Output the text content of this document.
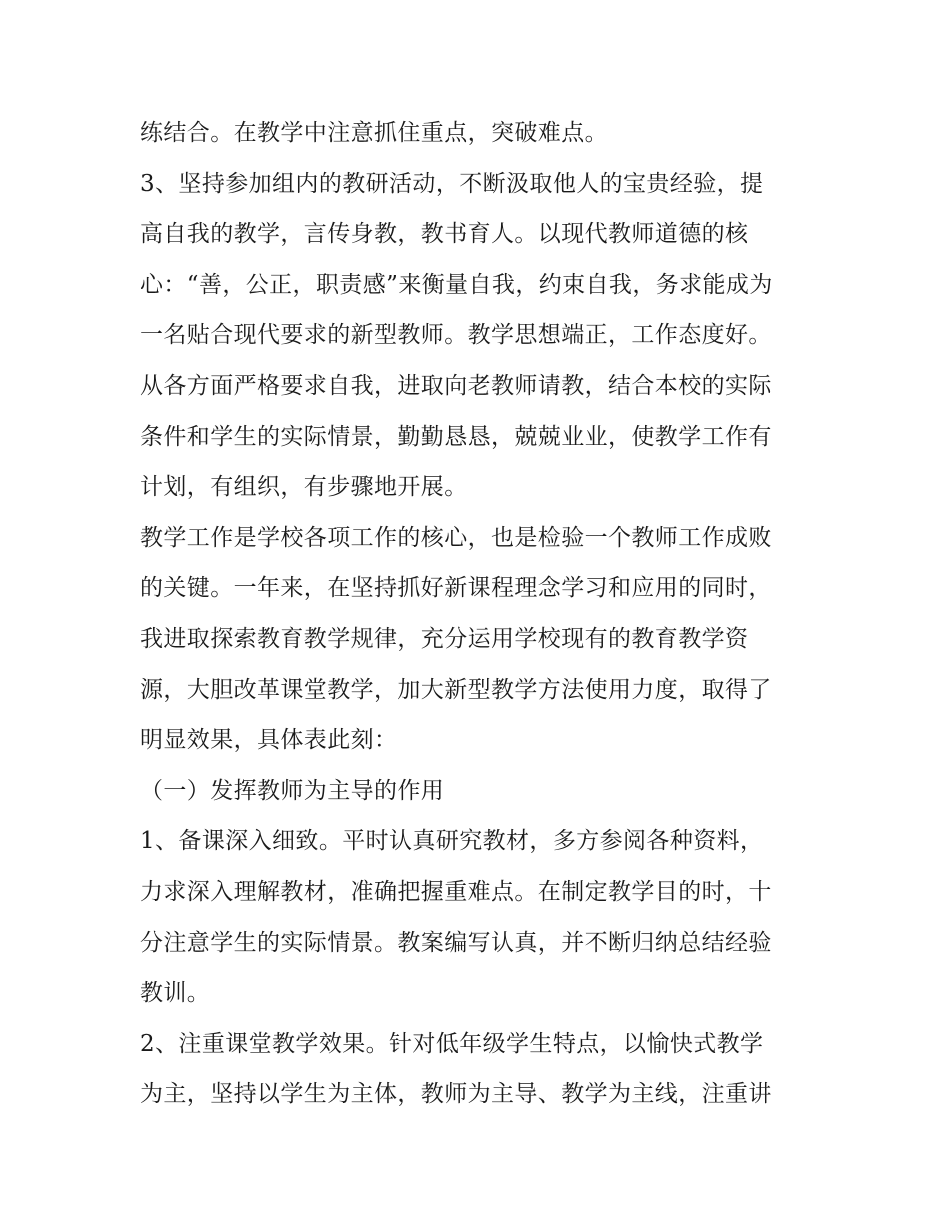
练结合。在教学中注意抓住重点，突破难点。
3、坚持参加组内的教研活动，不断汲取他人的宝贵经验，提
高自我的教学，言传身教，教书育人。以现代教师道德的核
心：“善，公正，职责感”来衡量自我，约束自我，务求能成为
一名贴合现代要求的新型教师。教学思想端正，工作态度好。
从各方面严格要求自我，进取向老教师请教，结合本校的实际
条件和学生的实际情景，勤勤恳恳，兢兢业业，使教学工作有
计划，有组织，有步骤地开展。
教学工作是学校各项工作的核心，也是检验一个教师工作成败
的关键。一年来，在坚持抓好新课程理念学习和应用的同时，
我进取探索教育教学规律，充分运用学校现有的教育教学资
源，大胆改革课堂教学，加大新型教学方法使用力度，取得了
明显效果，具体表此刻：
（一）发挥教师为主导的作用
1、备课深入细致。平时认真研究教材，多方参阅各种资料，
力求深入理解教材，准确把握重难点。在制定教学目的时，十
分注意学生的实际情景。教案编写认真，并不断归纳总结经验
教训。
2、注重课堂教学效果。针对低年级学生特点，以愉快式教学
为主，坚持以学生为主体，教师为主导、教学为主线，注重讲
